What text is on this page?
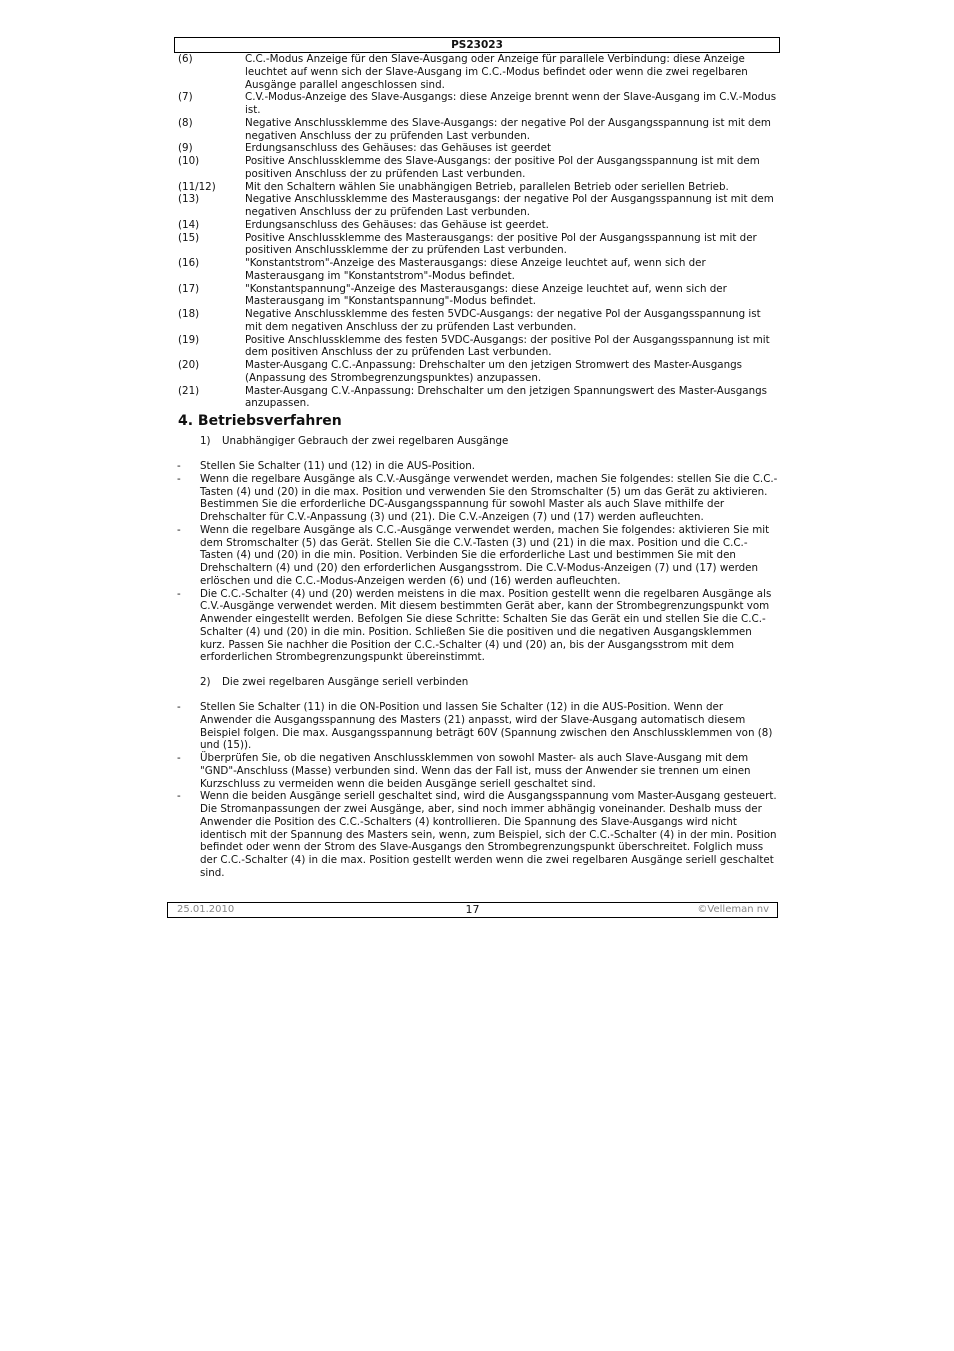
PS23023
(6)	C.C.-Modus Anzeige für den Slave-Ausgang oder Anzeige für parallele Verbindung: diese Anzeige leuchtet auf wenn sich der Slave-Ausgang im C.C.-Modus befindet oder wenn die zwei regelbaren Ausgänge parallel angeschlossen sind.
(7)	C.V.-Modus-Anzeige des Slave-Ausgangs: diese Anzeige brennt wenn der Slave-Ausgang im C.V.-Modus ist.
(8)	Negative Anschlussklemme des Slave-Ausgangs: der negative Pol der Ausgangsspannung ist mit dem negativen Anschluss der zu prüfenden Last verbunden.
(9)	Erdungsanschluss des Gehäuses: das Gehäuses ist geerdet
(10)	Positive Anschlussklemme des Slave-Ausgangs: der positive Pol der Ausgangsspannung ist mit dem positiven Anschluss der zu prüfenden Last verbunden.
(11/12)	Mit den Schaltern wählen Sie unabhängigen Betrieb, parallelen Betrieb oder seriellen Betrieb.
(13)	Negative Anschlussklemme des Masterausgangs: der negative Pol der Ausgangsspannung ist mit dem negativen Anschluss der zu prüfenden Last verbunden.
(14)	Erdungsanschluss des Gehäuses: das Gehäuse ist geerdet.
(15)	Positive Anschlussklemme des Masterausgangs: der positive Pol der Ausgangsspannung ist mit der positiven Anschlussklemme der zu prüfenden Last verbunden.
(16)	"Konstantstrom"-Anzeige des Masterausgangs: diese Anzeige leuchtet auf, wenn sich der Masterausgang im "Konstantstrom"-Modus befindet.
(17)	"Konstantspannung"-Anzeige des Masterausgangs: diese Anzeige leuchtet auf, wenn sich der Masterausgang im "Konstantspannung"-Modus befindet.
(18)	Negative Anschlussklemme des festen 5VDC-Ausgangs: der negative Pol der Ausgangsspannung ist mit dem negativen Anschluss der zu prüfenden Last verbunden.
(19)	Positive Anschlussklemme des festen 5VDC-Ausgangs: der positive Pol der Ausgangsspannung ist mit dem positiven Anschluss der zu prüfenden Last verbunden.
(20)	Master-Ausgang C.C.-Anpassung: Drehschalter um den jetzigen Stromwert des Master-Ausgangs (Anpassung des Strombegrenzungspunktes) anzupassen.
(21)	Master-Ausgang C.V.-Anpassung: Drehschalter um den jetzigen Spannungswert des Master-Ausgangs anzupassen.
4. Betriebsverfahren
1) Unabhängiger Gebrauch der zwei regelbaren Ausgänge
-	Stellen Sie Schalter (11) und (12) in die AUS-Position.
-	Wenn die regelbare Ausgänge als C.V.-Ausgänge verwendet werden, machen Sie folgendes: stellen Sie die C.C.-Tasten (4) und (20) in die max. Position und verwenden Sie den Stromschalter (5) um das Gerät zu aktivieren. Bestimmen Sie die erforderliche DC-Ausgangsspannung für sowohl Master als auch Slave mithilfe der Drehschalter für C.V.-Anpassung (3) und (21). Die C.V.-Anzeigen (7) und (17) werden aufleuchten.
-	Wenn die regelbare Ausgänge als C.C.-Ausgänge verwendet werden, machen Sie folgendes: aktivieren Sie mit dem Stromschalter (5) das Gerät. Stellen Sie die C.V.-Tasten (3) und (21) in die max. Position und die C.C.-Tasten (4) und (20) in die min. Position. Verbinden Sie die erforderliche Last und bestimmen Sie mit den Drehschaltern (4) und (20) den erforderlichen Ausgangsstrom. Die C.V-Modus-Anzeigen (7) und (17) werden erlöschen und die C.C.-Modus-Anzeigen werden (6) und (16) werden aufleuchten.
-	Die C.C.-Schalter (4) und (20) werden meistens in die max. Position gestellt wenn die regelbaren Ausgänge als C.V.-Ausgänge verwendet werden. Mit diesem bestimmten Gerät aber, kann der Strombegrenzungspunkt vom Anwender eingestellt werden. Befolgen Sie diese Schritte: Schalten Sie das Gerät ein und stellen Sie die C.C.-Schalter (4) und (20) in die min. Position. Schließen Sie die positiven und die negativen Ausgangsklemmen kurz. Passen Sie nachher die Position der C.C.-Schalter (4) und (20) an, bis der Ausgangsstrom mit dem erforderlichen Strombegrenzungspunkt übereinstimmt.
2) Die zwei regelbaren Ausgänge seriell verbinden
-	Stellen Sie Schalter (11) in die ON-Position und lassen Sie Schalter (12) in die AUS-Position. Wenn der Anwender die Ausgangsspannung des Masters (21) anpasst, wird der Slave-Ausgang automatisch diesem Beispiel folgen. Die max. Ausgangsspannung beträgt 60V (Spannung zwischen den Anschlussklemmen von (8) und (15)).
-	Überprüfen Sie, ob die negativen Anschlussklemmen von sowohl Master- als auch Slave-Ausgang mit dem "GND"-Anschluss (Masse) verbunden sind. Wenn das der Fall ist, muss der Anwender sie trennen um einen Kurzschluss zu vermeiden wenn die beiden Ausgänge seriell geschaltet sind.
-	Wenn die beiden Ausgänge seriell geschaltet sind, wird die Ausgangsspannung vom Master-Ausgang gesteuert. Die Stromanpassungen der zwei Ausgänge, aber, sind noch immer abhängig voneinander. Deshalb muss der Anwender die Position des C.C.-Schalters (4) kontrollieren. Die Spannung des Slave-Ausgangs wird nicht identisch mit der Spannung des Masters sein, wenn, zum Beispiel, sich der C.C.-Schalter (4) in der min. Position befindet oder wenn der Strom des Slave-Ausgangs den Strombegrenzungspunkt überschreitet. Folglich muss der C.C.-Schalter (4) in die max. Position gestellt werden wenn die zwei regelbaren Ausgänge seriell geschaltet sind.
25.01.2010	17	©Velleman nv
